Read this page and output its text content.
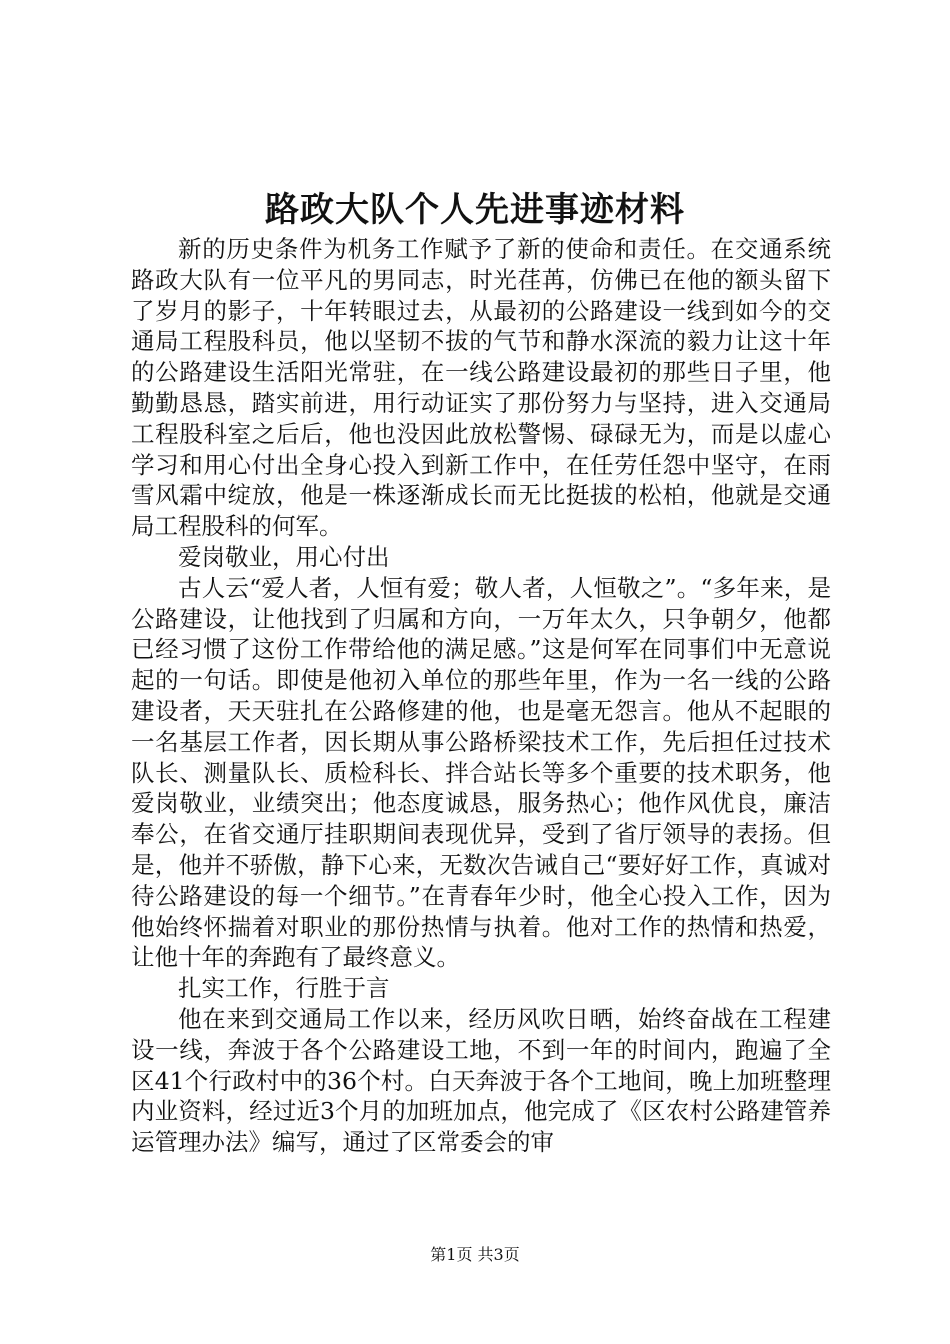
路政大队个人先进事迹材料

新的历史条件为机务工作赋予了新的使命和责任。在交通系统路政大队有一位平凡的男同志，时光荏苒，仿佛已在他的额头留下了岁月的影子，十年转眼过去，从最初的公路建设一线到如今的交通局工程股科员，他以坚韧不拔的气节和静水深流的毅力让这十年的公路建设生活阳光常驻，在一线公路建设最初的那些日子里，他勤勤恳恳，踏实前进，用行动证实了那份努力与坚持，进入交通局工程股科室之后后，他也没因此放松警惕、碌碌无为，而是以虚心学习和用心付出全身心投入到新工作中，在任劳任怨中坚守，在雨雪风霜中绽放，他是一株逐渐成长而无比挺拔的松柏，他就是交通局工程股科的何军。

爱岗敬业，用心付出

古人云“爱人者，人恒有爱；敬人者，人恒敬之”。“多年来，是公路建设，让他找到了归属和方向，一万年太久，只争朝夕，他都已经习惯了这份工作带给他的满足感。”这是何军在同事们中无意说起的一句话。即使是他初入单位的那些年里，作为一名一线的公路建设者，天天驻扎在公路修建的他，也是毫无怨言。他从不起眼的一名基层工作者，因长期从事公路桥梁技术工作，先后担任过技术队长、测量队长、质检科长、拌合站长等多个重要的技术职务，他爱岗敬业，业绩突出；他态度诚恳，服务热心；他作风优良，廉洁奉公，在省交通厅挂职期间表现优异，受到了省厅领导的表扬。但是，他并不骄傲，静下心来，无数次告诫自己“要好好工作，真诚对待公路建设的每一个细节。”在青春年少时，他全心投入工作，因为他始终怀揣着对职业的那份热情与执着。他对工作的热情和热爱，让他十年的奔跑有了最终意义。

扎实工作，行胜于言

他在来到交通局工作以来，经历风吹日晒，始终奋战在工程建设一线，奔波于各个公路建设工地，不到一年的时间内，跑遍了全区41个行政村中的36个村。白天奔波于各个工地间，晚上加班整理内业资料，经过近3个月的加班加点，他完成了《区农村公路建管养运管理办法》编写，通过了区常委会的审

第1页 共3页
